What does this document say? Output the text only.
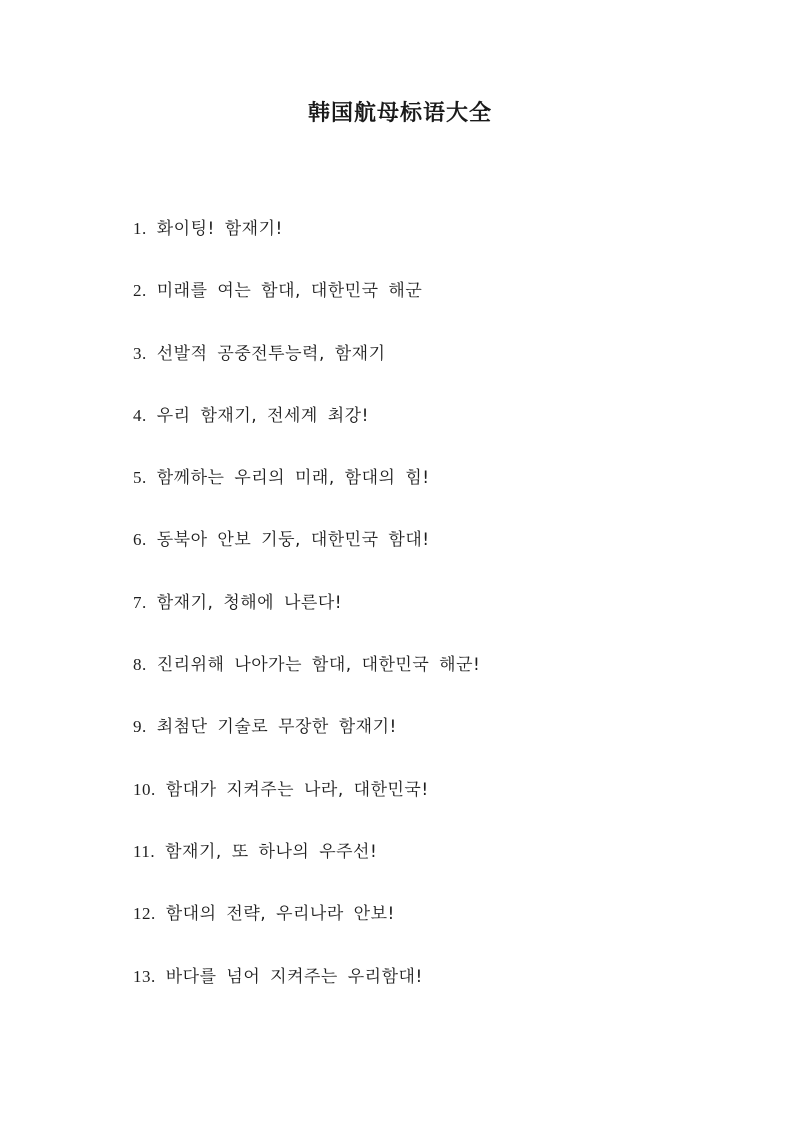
韩国航母标语大全
1. 화이팅! 함재기!
2. 미래를 여는 함대, 대한민국 해군
3. 선발적 공중전투능력, 함재기
4. 우리 함재기, 전세계 최강!
5. 함께하는 우리의 미래, 함대의 힘!
6. 동북아 안보 기둥, 대한민국 함대!
7. 함재기, 청해에 나른다!
8. 진리위해 나아가는 함대, 대한민국 해군!
9. 최첨단 기술로 무장한 함재기!
10. 함대가 지켜주는 나라, 대한민국!
11. 함재기, 또 하나의 우주선!
12. 함대의 전략, 우리나라 안보!
13. 바다를 넘어 지켜주는 우리함대!
